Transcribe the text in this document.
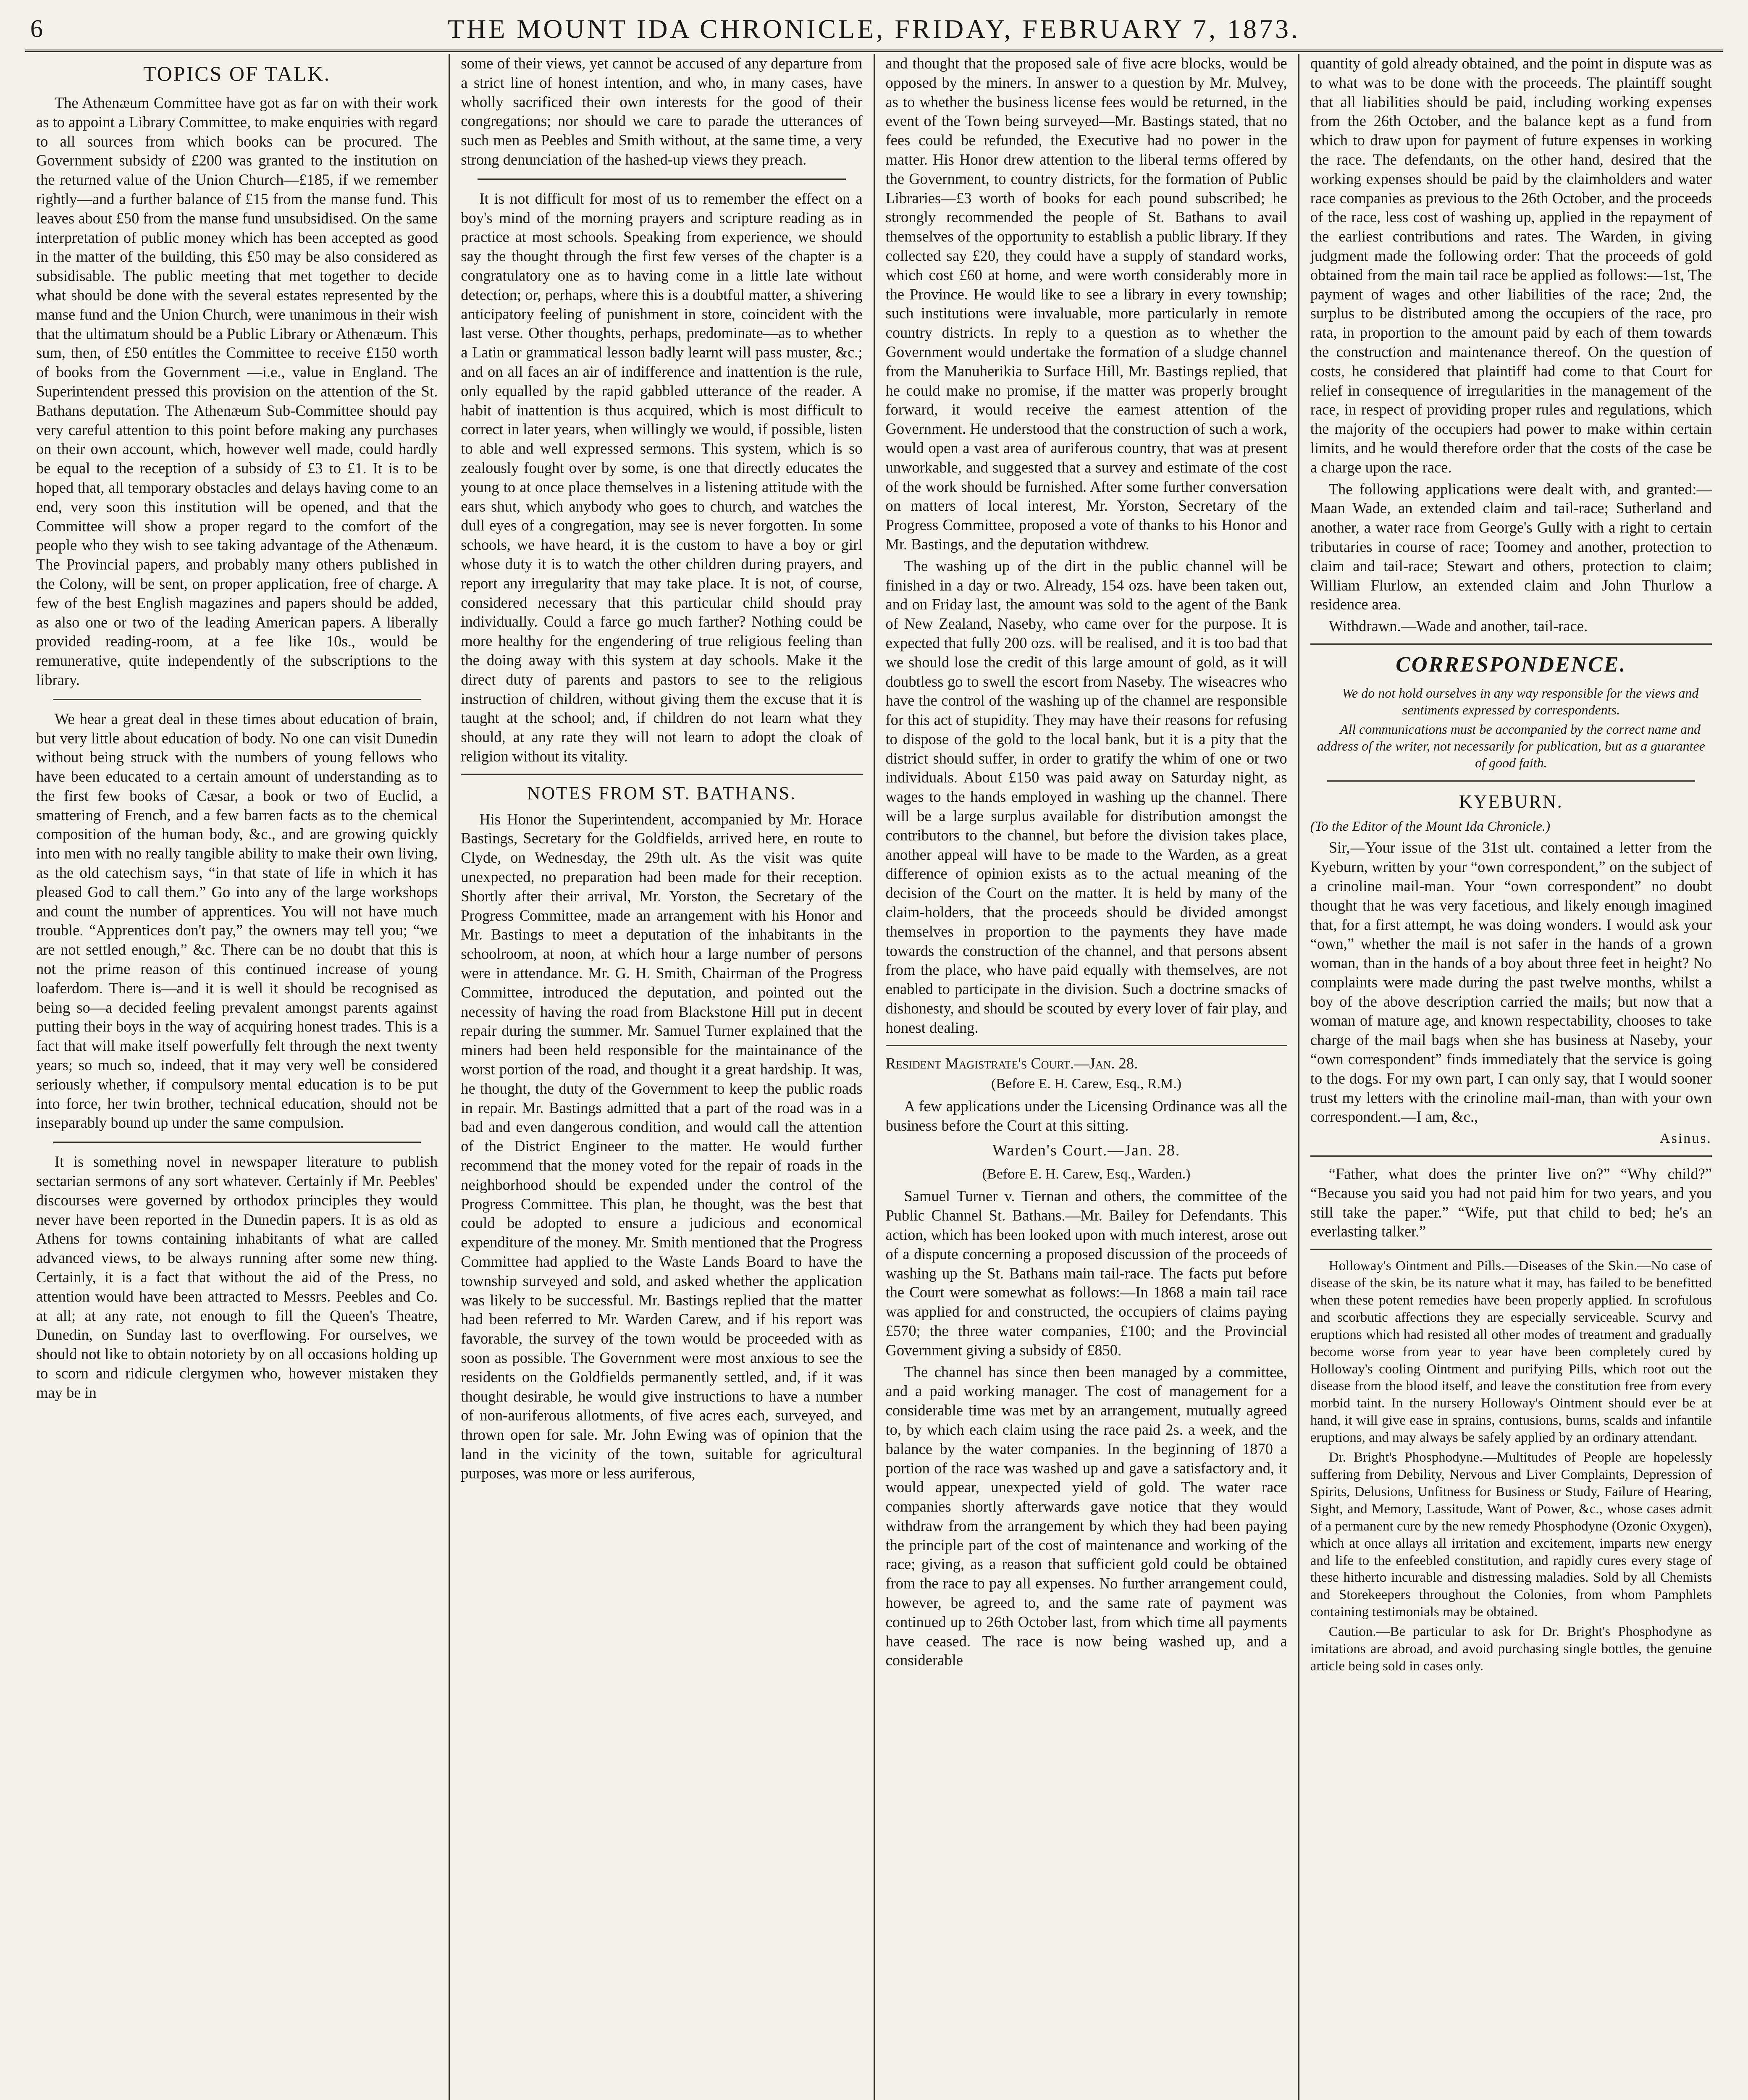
6	THE MOUNT IDA CHRONICLE, FRIDAY, FEBRUARY 7, 1873.
TOPICS OF TALK.

The Athenæum Committee have got as far on with their work as to appoint a Library Committee, to make enquiries with regard to all sources from which books can be procured. The Government subsidy of £200 was granted to the institution on the returned value of the Union Church—£185, if we remember rightly—and a further balance of £15 from the manse fund. This leaves about £50 from the manse fund unsubsidised. On the same interpretation of public money which has been accepted as good in the matter of the building, this £50 may be also considered as subsidisable. The public meeting that met together to decide what should be done with the several estates represented by the manse fund and the Union Church, were unanimous in their wish that the ultimatum should be a Public Library or Athenæum. This sum, then, of £50 entitles the Committee to receive £150 worth of books from the Government —i.e., value in England. The Superintendent pressed this provision on the attention of the St. Bathans deputation. The Athenæum Sub-Committee should pay very careful attention to this point before making any purchases on their own account, which, however well made, could hardly be equal to the reception of a subsidy of £3 to £1. It is to be hoped that, all temporary obstacles and delays having come to an end, very soon this institution will be opened, and that the Committee will show a proper regard to the comfort of the people who they wish to see taking advantage of the Athenæum. The Provincial papers, and probably many others published in the Colony, will be sent, on proper application, free of charge. A few of the best English magazines and papers should be added, as also one or two of the leading American papers. A liberally provided reading-room, at a fee like 10s., would be remunerative, quite independently of the subscriptions to the library.

We hear a great deal in these times about education of brain, but very little about education of body. No one can visit Dunedin without being struck with the numbers of young fellows who have been educated to a certain amount of understanding as to the first few books of Cæsar, a book or two of Euclid, a smattering of French, and a few barren facts as to the chemical composition of the human body, &c., and are growing quickly into men with no really tangible ability to make their own living, as the old catechism says, “in that state of life in which it has pleased God to call them.” Go into any of the large workshops and count the number of apprentices. You will not have much trouble. “Apprentices don't pay,” the owners may tell you; “we are not settled enough,” &c. There can be no doubt that this is not the prime reason of this continued increase of young loaferdom. There is—and it is well it should be recognised as being so—a decided feeling prevalent amongst parents against putting their boys in the way of acquiring honest trades. This is a fact that will make itself powerfully felt through the next twenty years; so much so, indeed, that it may very well be considered seriously whether, if compulsory mental education is to be put into force, her twin brother, technical education, should not be inseparably bound up under the same compulsion.

It is something novel in newspaper literature to publish sectarian sermons of any sort whatever. Certainly if Mr. Peebles' discourses were governed by orthodox principles they would never have been reported in the Dunedin papers. It is as old as Athens for towns containing inhabitants of what are called advanced views, to be always running after some new thing. Certainly, it is a fact that without the aid of the Press, no attention would have been attracted to Messrs. Peebles and Co. at all; at any rate, not enough to fill the Queen's Theatre, Dunedin, on Sunday last to overflowing. For ourselves, we should not like to obtain notoriety by on all occasions holding up to scorn and ridicule clergymen who, however mistaken they may be in

some of their views, yet cannot be accused of any departure from a strict line of honest intention, and who, in many cases, have wholly sacrificed their own interests for the good of their congregations; nor should we care to parade the utterances of such men as Peebles and Smith without, at the same time, a very strong denunciation of the hashed-up views they preach.

It is not difficult for most of us to remember the effect on a boy's mind of the morning prayers and scripture reading as in practice at most schools. Speaking from experience, we should say the thought through the first few verses of the chapter is a congratulatory one as to having come in a little late without detection; or, perhaps, where this is a doubtful matter, a shivering anticipatory feeling of punishment in store, coincident with the last verse. Other thoughts, perhaps, predominate—as to whether a Latin or grammatical lesson badly learnt will pass muster, &c.; and on all faces an air of indifference and inattention is the rule, only equalled by the rapid gabbled utterance of the reader. A habit of inattention is thus acquired, which is most difficult to correct in later years, when willingly we would, if possible, listen to able and well expressed sermons. This system, which is so zealously fought over by some, is one that directly educates the young to at once place themselves in a listening attitude with the ears shut, which anybody who goes to church, and watches the dull eyes of a congregation, may see is never forgotten. In some schools, we have heard, it is the custom to have a boy or girl whose duty it is to watch the other children during prayers, and report any irregularity that may take place. It is not, of course, considered necessary that this particular child should pray individually. Could a farce go much farther? Nothing could be more healthy for the engendering of true religious feeling than the doing away with this system at day schools. Make it the direct duty of parents and pastors to see to the religious instruction of children, without giving them the excuse that it is taught at the school; and, if children do not learn what they should, at any rate they will not learn to adopt the cloak of religion without its vitality.

NOTES FROM ST. BATHANS.

His Honor the Superintendent, accompanied by Mr. Horace Bastings, Secretary for the Goldfields, arrived here, en route to Clyde, on Wednesday, the 29th ult. As the visit was quite unexpected, no preparation had been made for their reception. Shortly after their arrival, Mr. Yorston, the Secretary of the Progress Committee, made an arrangement with his Honor and Mr. Bastings to meet a deputation of the inhabitants in the schoolroom, at noon, at which hour a large number of persons were in attendance. Mr. G. H. Smith, Chairman of the Progress Committee, introduced the deputation, and pointed out the necessity of having the road from Blackstone Hill put in decent repair during the summer. Mr. Samuel Turner explained that the miners had been held responsible for the maintainance of the worst portion of the road, and thought it a great hardship. It was, he thought, the duty of the Government to keep the public roads in repair. Mr. Bastings admitted that a part of the road was in a bad and even dangerous condition, and would call the attention of the District Engineer to the matter. He would further recommend that the money voted for the repair of roads in the neighborhood should be expended under the control of the Progress Committee. This plan, he thought, was the best that could be adopted to ensure a judicious and economical expenditure of the money. Mr. Smith mentioned that the Progress Committee had applied to the Waste Lands Board to have the township surveyed and sold, and asked whether the application was likely to be successful. Mr. Bastings replied that the matter had been referred to Mr. Warden Carew, and if his report was favorable, the survey of the town would be proceeded with as soon as possible. The Government were most anxious to see the residents on the Goldfields permanently settled, and, if it was thought desirable, he would give instructions to have a number of non-auriferous allotments, of five acres each, surveyed, and thrown open for sale. Mr. John Ewing was of opinion that the land in the vicinity of the town, suitable for agricultural purposes, was more or less auriferous,

and thought that the proposed sale of five acre blocks, would be opposed by the miners. In answer to a question by Mr. Mulvey, as to whether the business license fees would be returned, in the event of the Town being surveyed—Mr. Bastings stated, that no fees could be refunded, the Executive had no power in the matter. His Honor drew attention to the liberal terms offered by the Government, to country districts, for the formation of Public Libraries—£3 worth of books for each pound subscribed; he strongly recommended the people of St. Bathans to avail themselves of the opportunity to establish a public library. If they collected say £20, they could have a supply of standard works, which cost £60 at home, and were worth considerably more in the Province. He would like to see a library in every township; such institutions were invaluable, more particularly in remote country districts. In reply to a question as to whether the Government would undertake the formation of a sludge channel from the Manuherikia to Surface Hill, Mr. Bastings replied, that he could make no promise, if the matter was properly brought forward, it would receive the earnest attention of the Government. He understood that the construction of such a work, would open a vast area of auriferous country, that was at present unworkable, and suggested that a survey and estimate of the cost of the work should be furnished. After some further conversation on matters of local interest, Mr. Yorston, Secretary of the Progress Committee, proposed a vote of thanks to his Honor and Mr. Bastings, and the deputation withdrew.

The washing up of the dirt in the public channel will be finished in a day or two. Already, 154 ozs. have been taken out, and on Friday last, the amount was sold to the agent of the Bank of New Zealand, Naseby, who came over for the purpose. It is expected that fully 200 ozs. will be realised, and it is too bad that we should lose the credit of this large amount of gold, as it will doubtless go to swell the escort from Naseby. The wiseacres who have the control of the washing up of the channel are responsible for this act of stupidity. They may have their reasons for refusing to dispose of the gold to the local bank, but it is a pity that the district should suffer, in order to gratify the whim of one or two individuals. About £150 was paid away on Saturday night, as wages to the hands employed in washing up the channel. There will be a large surplus available for distribution amongst the contributors to the channel, but before the division takes place, another appeal will have to be made to the Warden, as a great difference of opinion exists as to the actual meaning of the decision of the Court on the matter. It is held by many of the claim-holders, that the proceeds should be divided amongst themselves in proportion to the payments they have made towards the construction of the channel, and that persons absent from the place, who have paid equally with themselves, are not enabled to participate in the division. Such a doctrine smacks of dishonesty, and should be scouted by every lover of fair play, and honest dealing.

Resident Magistrate's Court.—Jan. 28.

(Before E. H. Carew, Esq., R.M.)

A few applications under the Licensing Ordinance was all the business before the Court at this sitting.

Warden's Court.—Jan. 28.

(Before E. H. Carew, Esq., Warden.)

Samuel Turner v. Tiernan and others, the committee of the Public Channel St. Bathans.—Mr. Bailey for Defendants. This action, which has been looked upon with much interest, arose out of a dispute concerning a proposed discussion of the proceeds of washing up the St. Bathans main tail-race. The facts put before the Court were somewhat as follows:—In 1868 a main tail race was applied for and constructed, the occupiers of claims paying £570; the three water companies, £100; and the Provincial Government giving a subsidy of £850.

The channel has since then been managed by a committee, and a paid working manager. The cost of management for a considerable time was met by an arrangement, mutually agreed to, by which each claim using the race paid 2s. a week, and the balance by the water companies. In the beginning of 1870 a portion of the race was washed up and gave a satisfactory and, it would appear, unexpected yield of gold. The water race companies shortly afterwards gave notice that they would withdraw from the arrangement by which they had been paying the principle part of the cost of maintenance and working of the race; giving, as a reason that sufficient gold could be obtained from the race to pay all expenses. No further arrangement could, however, be agreed to, and the same rate of payment was continued up to 26th October last, from which time all payments have ceased. The race is now being washed up, and a considerable

quantity of gold already obtained, and the point in dispute was as to what was to be done with the proceeds. The plaintiff sought that all liabilities should be paid, including working expenses from the 26th October, and the balance kept as a fund from which to draw upon for payment of future expenses in working the race. The defendants, on the other hand, desired that the working expenses should be paid by the claimholders and water race companies as previous to the 26th October, and the proceeds of the race, less cost of washing up, applied in the repayment of the earliest contributions and rates. The Warden, in giving judgment made the following order: That the proceeds of gold obtained from the main tail race be applied as follows:—1st, The payment of wages and other liabilities of the race; 2nd, the surplus to be distributed among the occupiers of the race, pro rata, in proportion to the amount paid by each of them towards the construction and maintenance thereof. On the question of costs, he considered that plaintiff had come to that Court for relief in consequence of irregularities in the management of the race, in respect of providing proper rules and regulations, which the majority of the occupiers had power to make within certain limits, and he would therefore order that the costs of the case be a charge upon the race.

The following applications were dealt with, and granted:—Maan Wade, an extended claim and tail-race; Sutherland and another, a water race from George's Gully with a right to certain tributaries in course of race; Toomey and another, protection to claim and tail-race; Stewart and others, protection to claim; William Flurlow, an extended claim and John Thurlow a residence area.

Withdrawn.—Wade and another, tail-race.

CORRESPONDENCE.

We do not hold ourselves in any way responsible for the views and sentiments expressed by correspondents.

All communications must be accompanied by the correct name and address of the writer, not necessarily for publication, but as a guarantee of good faith.

KYEBURN.

(To the Editor of the Mount Ida Chronicle.)

Sir,—Your issue of the 31st ult. contained a letter from the Kyeburn, written by your “own correspondent,” on the subject of a crinoline mail-man. Your “own correspondent” no doubt thought that he was very facetious, and likely enough imagined that, for a first attempt, he was doing wonders. I would ask your “own,” whether the mail is not safer in the hands of a grown woman, than in the hands of a boy about three feet in height? No complaints were made during the past twelve months, whilst a boy of the above description carried the mails; but now that a woman of mature age, and known respectability, chooses to take charge of the mail bags when she has business at Naseby, your “own correspondent” finds immediately that the service is going to the dogs. For my own part, I can only say, that I would sooner trust my letters with the crinoline mail-man, than with your own correspondent.—I am, &c.,

Asinus.

“Father, what does the printer live on?” “Why child?” “Because you said you had not paid him for two years, and you still take the paper.” “Wife, put that child to bed; he's an everlasting talker.”

Holloway's Ointment and Pills.—Diseases of the Skin.—No case of disease of the skin, be its nature what it may, has failed to be benefitted when these potent remedies have been properly applied. In scrofulous and scorbutic affections they are especially serviceable. Scurvy and eruptions which had resisted all other modes of treatment and gradually become worse from year to year have been completely cured by Holloway's cooling Ointment and purifying Pills, which root out the disease from the blood itself, and leave the constitution free from every morbid taint. In the nursery Holloway's Ointment should ever be at hand, it will give ease in sprains, contusions, burns, scalds and infantile eruptions, and may always be safely applied by an ordinary attendant.

Dr. Bright's Phosphodyne.—Multitudes of People are hopelessly suffering from Debility, Nervous and Liver Complaints, Depression of Spirits, Delusions, Unfitness for Business or Study, Failure of Hearing, Sight, and Memory, Lassitude, Want of Power, &c., whose cases admit of a permanent cure by the new remedy Phosphodyne (Ozonic Oxygen), which at once allays all irritation and excitement, imparts new energy and life to the enfeebled constitution, and rapidly cures every stage of these hitherto incurable and distressing maladies. Sold by all Chemists and Storekeepers throughout the Colonies, from whom Pamphlets containing testimonials may be obtained.

Caution.—Be particular to ask for Dr. Bright's Phosphodyne as imitations are abroad, and avoid purchasing single bottles, the genuine article being sold in cases only.
